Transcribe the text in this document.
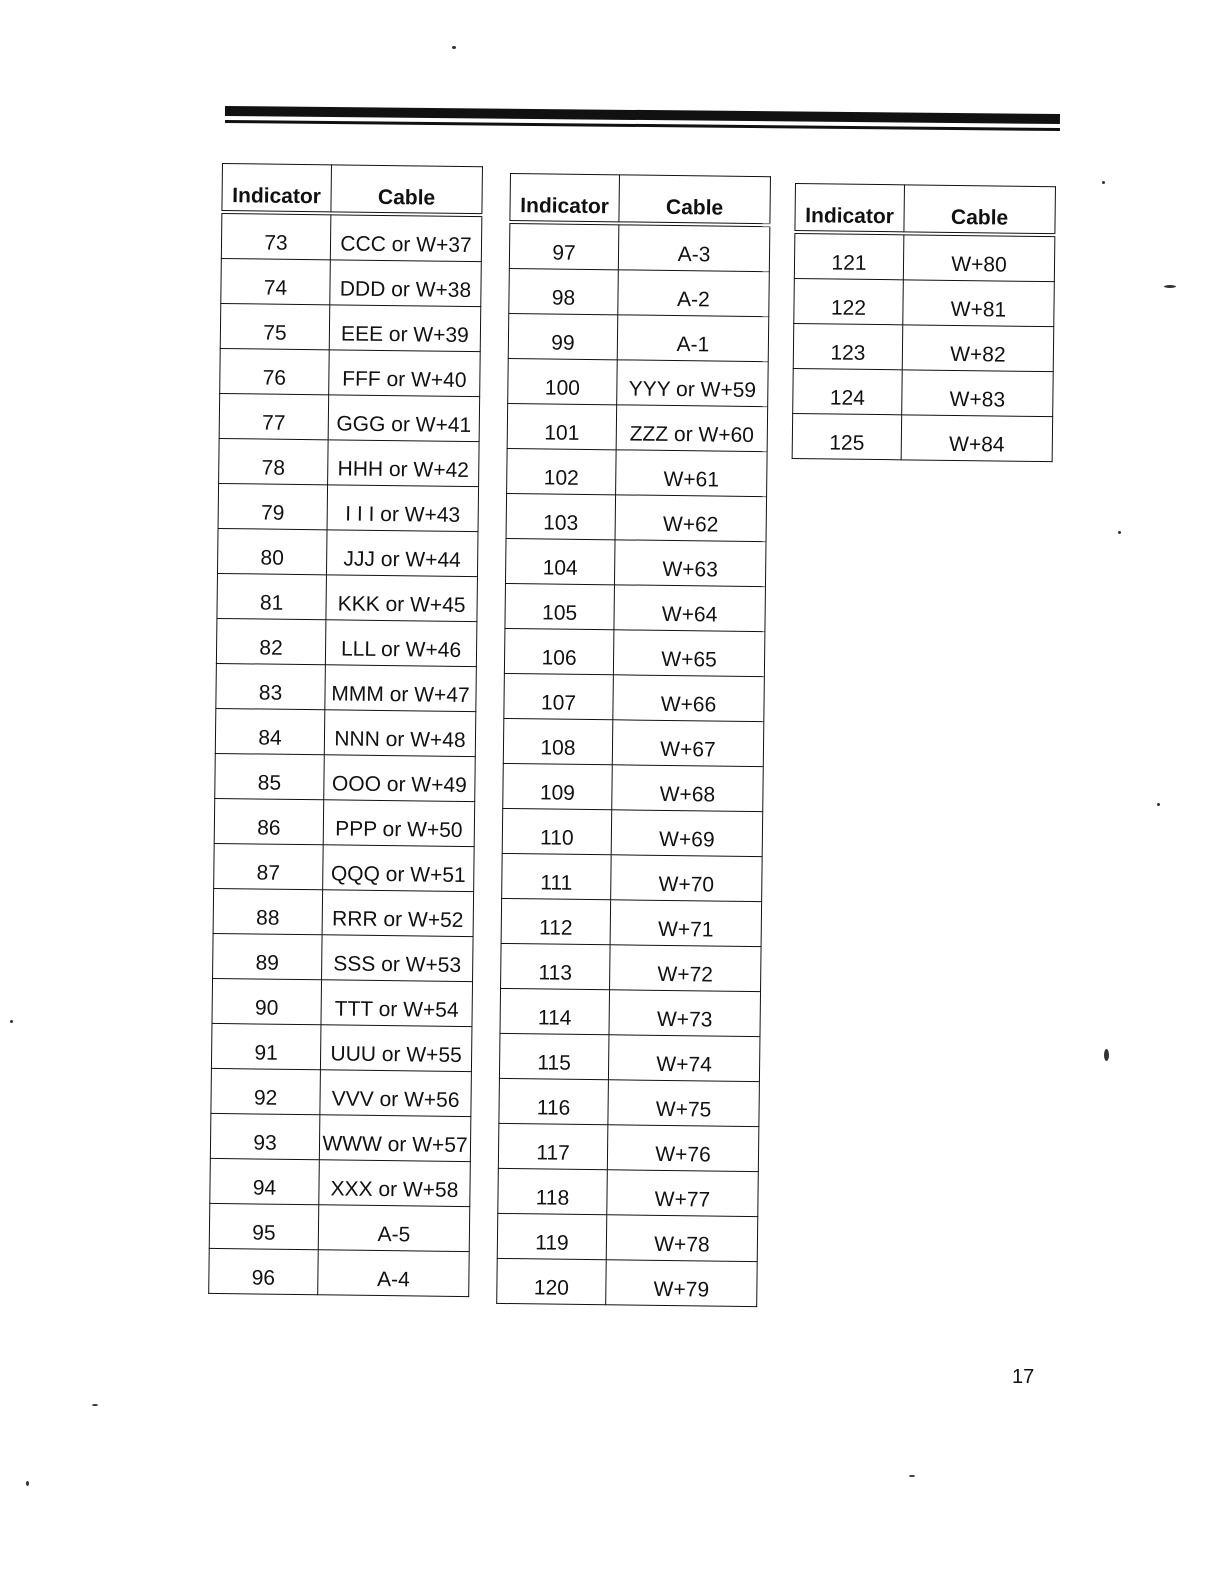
Indicator	Cable
73	CCC or W+37
74	DDD or W+38
75	EEE or W+39
76	FFF or W+40
77	GGG or W+41
78	HHH or W+42
79	I I I or W+43
80	JJJ or W+44
81	KKK or W+45
82	LLL or W+46
83	MMM or W+47
84	NNN or W+48
85	OOO or W+49
86	PPP or W+50
87	QQQ or W+51
88	RRR or W+52
89	SSS or W+53
90	TTT or W+54
91	UUU or W+55
92	VVV or W+56
93	WWW or W+57
94	XXX or W+58
95	A-5
96	A-4
Indicator	Cable
97	A-3
98	A-2
99	A-1
100	YYY or W+59
101	ZZZ or W+60
102	W+61
103	W+62
104	W+63
105	W+64
106	W+65
107	W+66
108	W+67
109	W+68
110	W+69
111	W+70
112	W+71
113	W+72
114	W+73
115	W+74
116	W+75
117	W+76
118	W+77
119	W+78
120	W+79
Indicator	Cable
121	W+80
122	W+81
123	W+82
124	W+83
125	W+84
17
